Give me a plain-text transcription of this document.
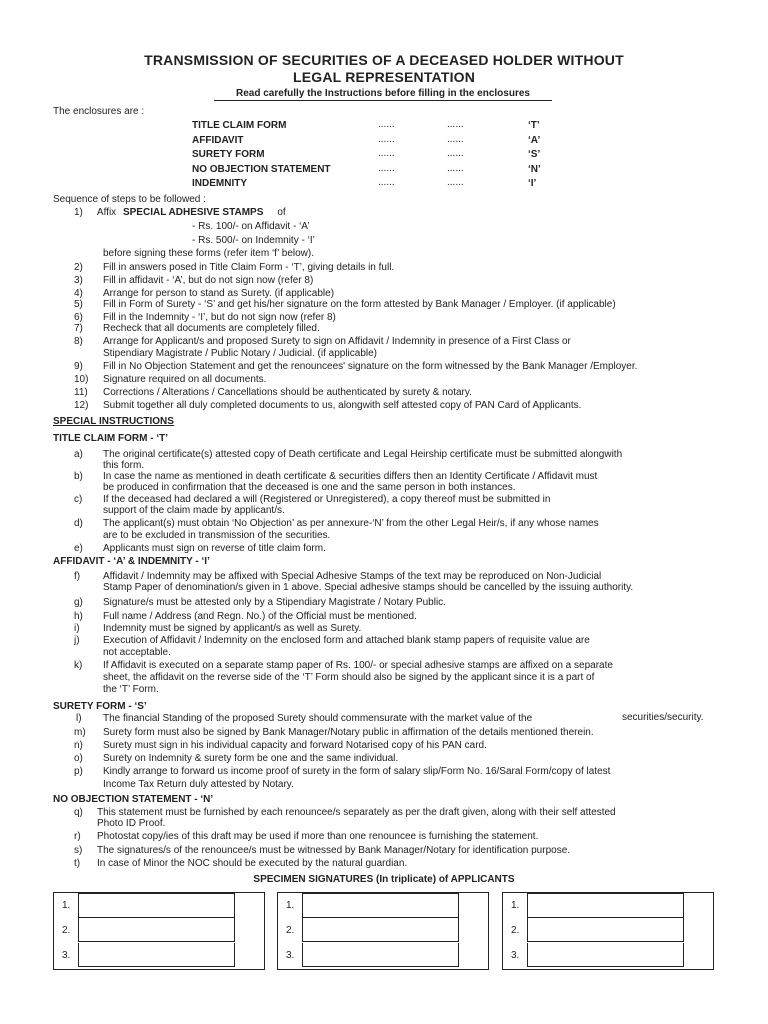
TRANSMISSION OF SECURITIES OF A DECEASED HOLDER WITHOUT
LEGAL REPRESENTATION
Read carefully the Instructions before filling in the enclosures
The enclosures are :
TITLE CLAIM FORM	......	......	‘T’
AFFIDAVIT	......	......	‘A’
SURETY FORM	......	......	‘S’
NO OBJECTION STATEMENT	......	......	‘N’
INDEMNITY	......	......	‘I’
Sequence of steps to be followed :
1) Affix SPECIAL ADHESIVE STAMPS of
- Rs. 100/- on Affidavit - ‘A’
- Rs. 500/- on Indemnity - ‘I’
before signing these forms (refer item ‘f’ below).
2) Fill in answers posed in Title Claim Form - ‘T’, giving details in full.
3) Fill in affidavit - ‘A’, but do not sign now (refer 8)
4) Arrange for person to stand as Surety. (if applicable)
5) Fill in Form of Surety - ‘S’ and get his/her signature on the form attested by Bank Manager / Employer. (if applicable)
6) Fill in the Indemnity - ‘I’, but do not sign now (refer 8)
7) Recheck that all documents are completely filled.
8) Arrange for Applicant/s and proposed Surety to sign on Affidavit / Indemnity in presence of a First Class or
Stipendiary Magistrate / Public Notary / Judicial. (if applicable)
9) Fill in No Objection Statement and get the renouncees' signature on the form witnessed by the Bank Manager /Employer.
10) Signature required on all documents.
11) Corrections / Alterations / Cancellations should be authenticated by surety & notary.
12) Submit together all duly completed documents to us, alongwith self attested copy of PAN Card of Applicants.
SPECIAL INSTRUCTIONS
TITLE CLAIM FORM - ‘T’
a) The original certificate(s) attested copy of Death certificate and Legal Heirship certificate must be submitted alongwith
this form.
b) In case the name as mentioned in death certificate & securities differs then an Identity Certificate / Affidavit must
be produced in confirmation that the deceased is one and the same person in both instances.
c) If the deceased had declared a will (Registered or Unregistered), a copy thereof must be submitted in
support of the claim made by applicant/s.
d) The applicant(s) must obtain ‘No Objection’ as per annexure-‘N’ from the other Legal Heir/s, if any whose names
are to be excluded in transmission of the securities.
e) Applicants must sign on reverse of title claim form.
AFFIDAVIT - ‘A’ & INDEMNITY - ‘I’
f) Affidavit / Indemnity may be affixed with Special Adhesive Stamps of the text may be reproduced on Non-Judicial
Stamp Paper of denomination/s given in 1 above. Special adhesive stamps should be cancelled by the issuing authority.
g) Signature/s must be attested only by a Stipendiary Magistrate / Notary Public.
h) Full name / Address (and Regn. No.) of the Official must be mentioned.
i) Indemnity must be signed by applicant/s as well as Surety.
j) Execution of Affidavit / Indemnity on the enclosed form and attached blank stamp papers of requisite value are
not acceptable.
k) If Affidavit is executed on a separate stamp paper of Rs. 100/- or special adhesive stamps are affixed on a separate
sheet, the affidavit on the reverse side of the ‘T’ Form should also be signed by the applicant since it is a part of
the ‘T’ Form.
SURETY FORM - ‘S’
l) The financial Standing of the proposed Surety should commensurate with the market value of the	securities/security.
m) Surety form must also be signed by Bank Manager/Notary public in affirmation of the details mentioned therein.
n) Surety must sign in his individual capacity and forward Notarised copy of his PAN card.
o) Surety on Indemnity & surety form be one and the same individual.
p) Kindly arrange to forward us income proof of surety in the form of salary slip/Form No. 16/Saral Form/copy of latest
Income Tax Return duly attested by Notary.
NO OBJECTION STATEMENT - ‘N’
q) This statement must be furnished by each renouncee/s separately as per the draft given, along with their self attested
Photo ID Proof.
r) Photostat copy/ies of this draft may be used if more than one renouncee is furnishing the statement.
s) The signatures/s of the renouncee/s must be witnessed by Bank Manager/Notary for identification purpose.
t) In case of Minor the NOC should be executed by the natural guardian.
SPECIMEN SIGNATURES (In triplicate) of APPLICANTS
1.
2.
3.
1.
2.
3.
1.
2.
3.
